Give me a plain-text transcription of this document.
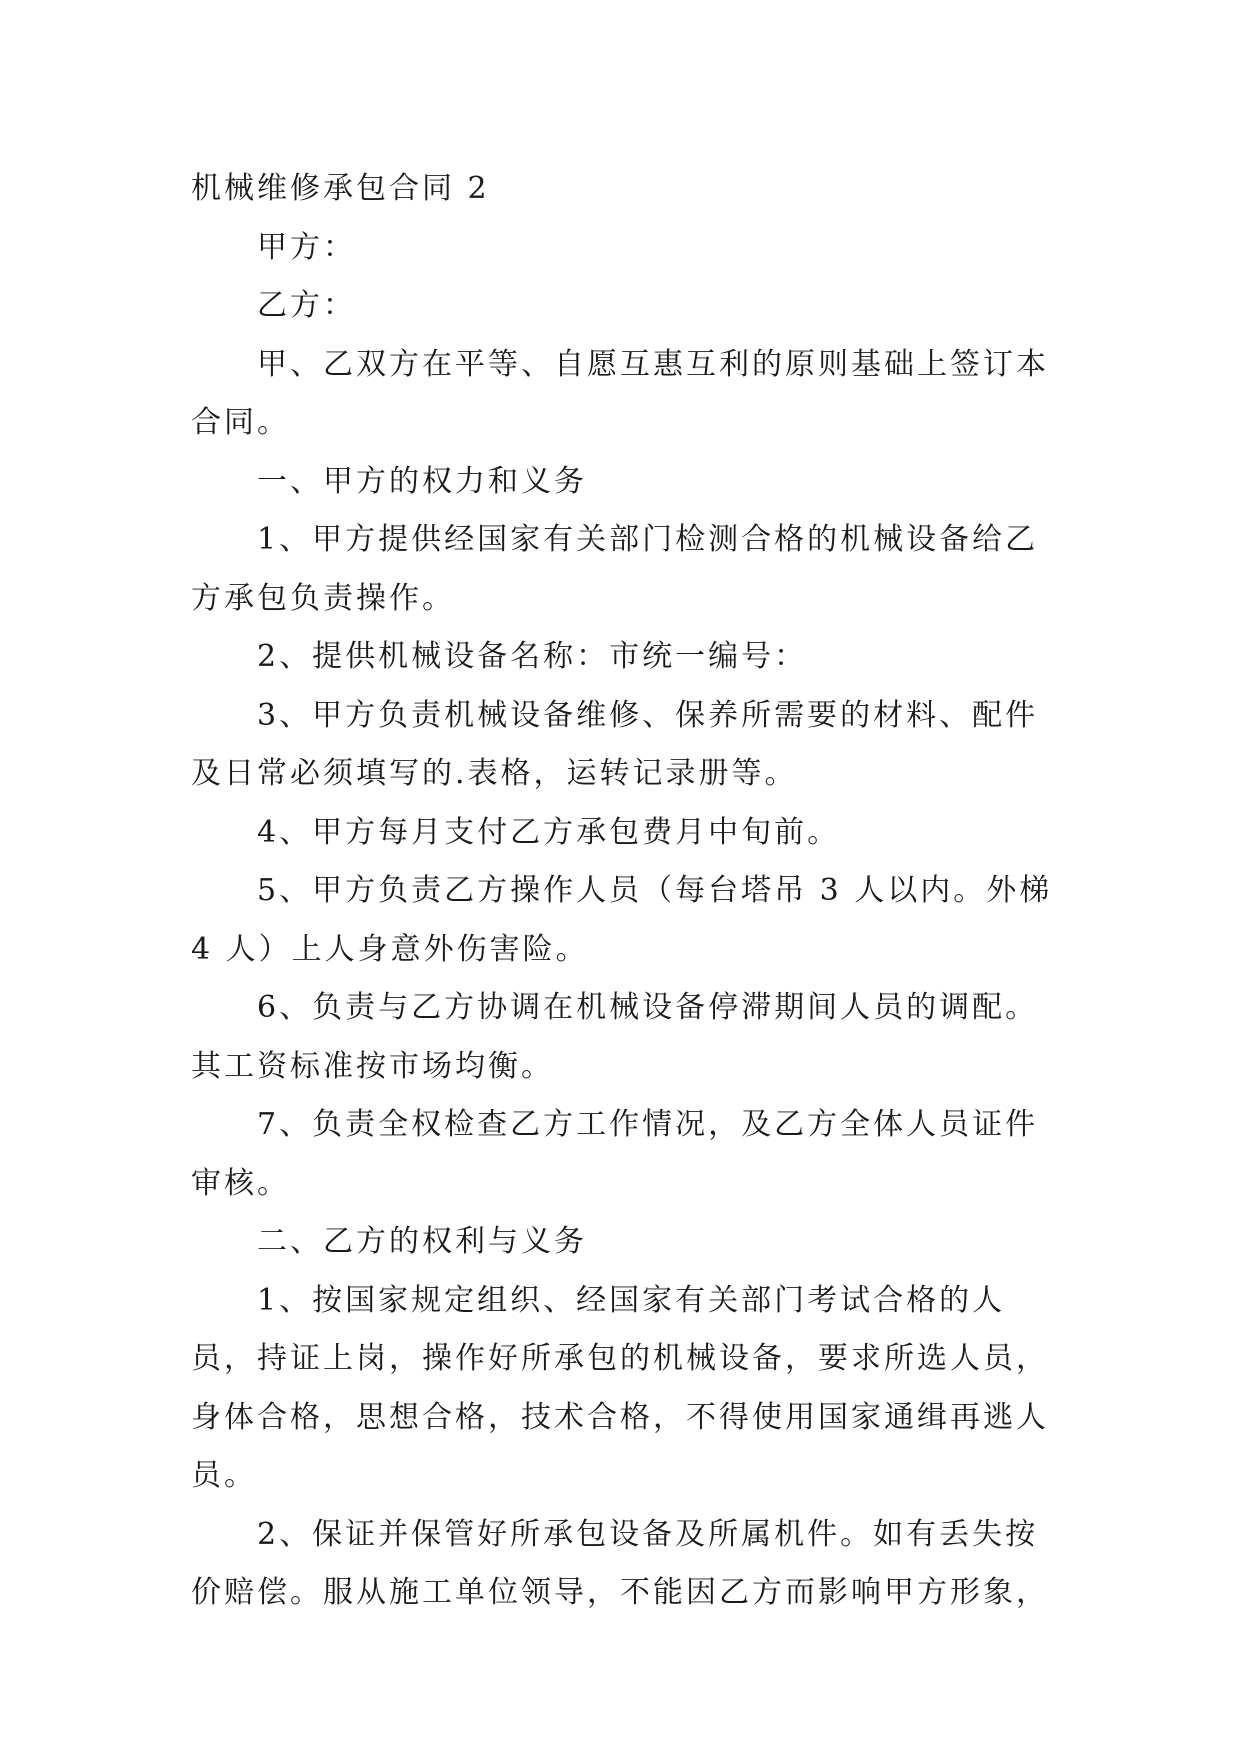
机械维修承包合同 2

甲方：

乙方：

甲、乙双方在平等、自愿互惠互利的原则基础上签订本合同。

一、甲方的权力和义务

1、甲方提供经国家有关部门检测合格的机械设备给乙方承包负责操作。

2、提供机械设备名称：市统一编号：

3、甲方负责机械设备维修、保养所需要的材料、配件及日常必须填写的.表格，运转记录册等。

4、甲方每月支付乙方承包费月中旬前。

5、甲方负责乙方操作人员（每台塔吊 3 人以内。外梯 4 人）上人身意外伤害险。

6、负责与乙方协调在机械设备停滞期间人员的调配。其工资标准按市场均衡。

7、负责全权检查乙方工作情况，及乙方全体人员证件审核。

二、乙方的权利与义务

1、按国家规定组织、经国家有关部门考试合格的人员，持证上岗，操作好所承包的机械设备，要求所选人员，身体合格，思想合格，技术合格，不得使用国家通缉再逃人员。

2、保证并保管好所承包设备及所属机件。如有丢失按价赔偿。服从施工单位领导，不能因乙方而影响甲方形象，
